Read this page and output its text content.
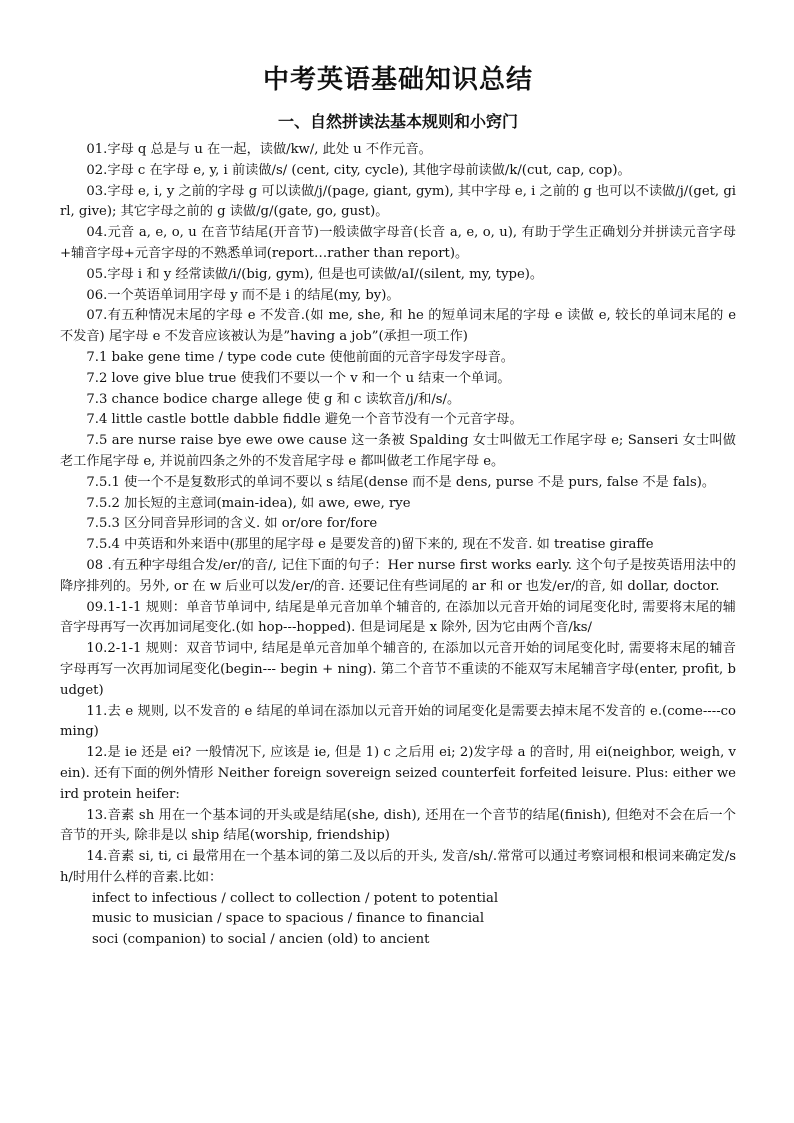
中考英语基础知识总结
一、自然拼读法基本规则和小窍门

01.字母 q 总是与 u 在一起，读做/kw/, 此处 u 不作元音。

02.字母 c 在字母 e, y, i 前读做/s/ (cent, city, cycle), 其他字母前读做/k/(cut, cap, cop)。

03.字母 e, i, y 之前的字母 g 可以读做/j/(page, giant, gym), 其中字母 e, i 之前的 g 也可以不读做/j/(get, girl, give); 其它字母之前的 g 读做/g/(gate, go, gust)。

04.元音 a, e, o, u 在音节结尾(开音节)一般读做字母音(长音 a, e, o, u), 有助于学生正确划分并拼读元音字母+辅音字母+元音字母的不熟悉单词(report…rather than report)。

05.字母 i 和 y 经常读做/i/(big, gym), 但是也可读做/aI/(silent, my, type)。

06.一个英语单词用字母 y 而不是 i 的结尾(my, by)。

07.有五种情况末尾的字母 e 不发音.(如 me, she, 和 he 的短单词末尾的字母 e 读做 e, 较长的单词末尾的 e 不发音) 尾字母 e 不发音应该被认为是”having a job”(承担一项工作)

7.1 bake gene time / type code cute 使他前面的元音字母发字母音。

7.2 love give blue true 使我们不要以一个 v 和一个 u 结束一个单词。

7.3 chance bodice charge allege 使 g 和 c 读软音/j/和/s/。

7.4 little castle bottle dabble fiddle 避免一个音节没有一个元音字母。

7.5 are nurse raise bye ewe owe cause 这一条被 Spalding 女士叫做无工作尾字母 e; Sanseri 女士叫做老工作尾字母 e, 并说前四条之外的不发音尾字母 e 都叫做老工作尾字母 e。

7.5.1 使一个不是复数形式的单词不要以 s 结尾(dense 而不是 dens, purse 不是 purs, false 不是 fals)。

7.5.2 加长短的主意词(main-idea), 如 awe, ewe, rye

7.5.3 区分同音异形词的含义. 如 or/ore for/fore

7.5.4 中英语和外来语中(那里的尾字母 e 是要发音的)留下来的, 现在不发音. 如 treatise giraffe

08 .有五种字母组合发/er/的音/, 记住下面的句子：Her nurse first works early. 这个句子是按英语用法中的降序排列的。另外, or 在 w 后业可以发/er/的音. 还要记住有些词尾的 ar 和 or 也发/er/的音, 如 dollar, doctor.

09.1-1-1 规则：单音节单词中, 结尾是单元音加单个辅音的, 在添加以元音开始的词尾变化时, 需要将末尾的辅音字母再写一次再加词尾变化.(如 hop---hopped). 但是词尾是 x 除外, 因为它由两个音/ks/

10.2-1-1 规则：双音节词中, 结尾是单元音加单个辅音的, 在添加以元音开始的词尾变化时, 需要将末尾的辅音字母再写一次再加词尾变化(begin--- begin + ning). 第二个音节不重读的不能双写末尾辅音字母(enter, profit, budget)

11.去 e 规则, 以不发音的 e 结尾的单词在添加以元音开始的词尾变化是需要去掉末尾不发音的 e.(come----coming)

12.是 ie 还是 ei? 一般情况下, 应该是 ie, 但是 1) c 之后用 ei; 2)发字母 a 的音时, 用 ei(neighbor, weigh, vein). 还有下面的例外情形 Neither foreign sovereign seized counterfeit forfeited leisure. Plus: either weird protein heifer:

13.音素 sh 用在一个基本词的开头或是结尾(she, dish), 还用在一个音节的结尾(finish), 但绝对不会在后一个音节的开头, 除非是以 ship 结尾(worship, friendship)

14.音素 si, ti, ci 最常用在一个基本词的第二及以后的开头, 发音/sh/.常常可以通过考察词根和根词来确定发/sh/时用什么样的音素.比如：

infect to infectious / collect to collection / potent to potential

music to musician / space to spacious / finance to financial

soci (companion) to social / ancien (old) to ancient
